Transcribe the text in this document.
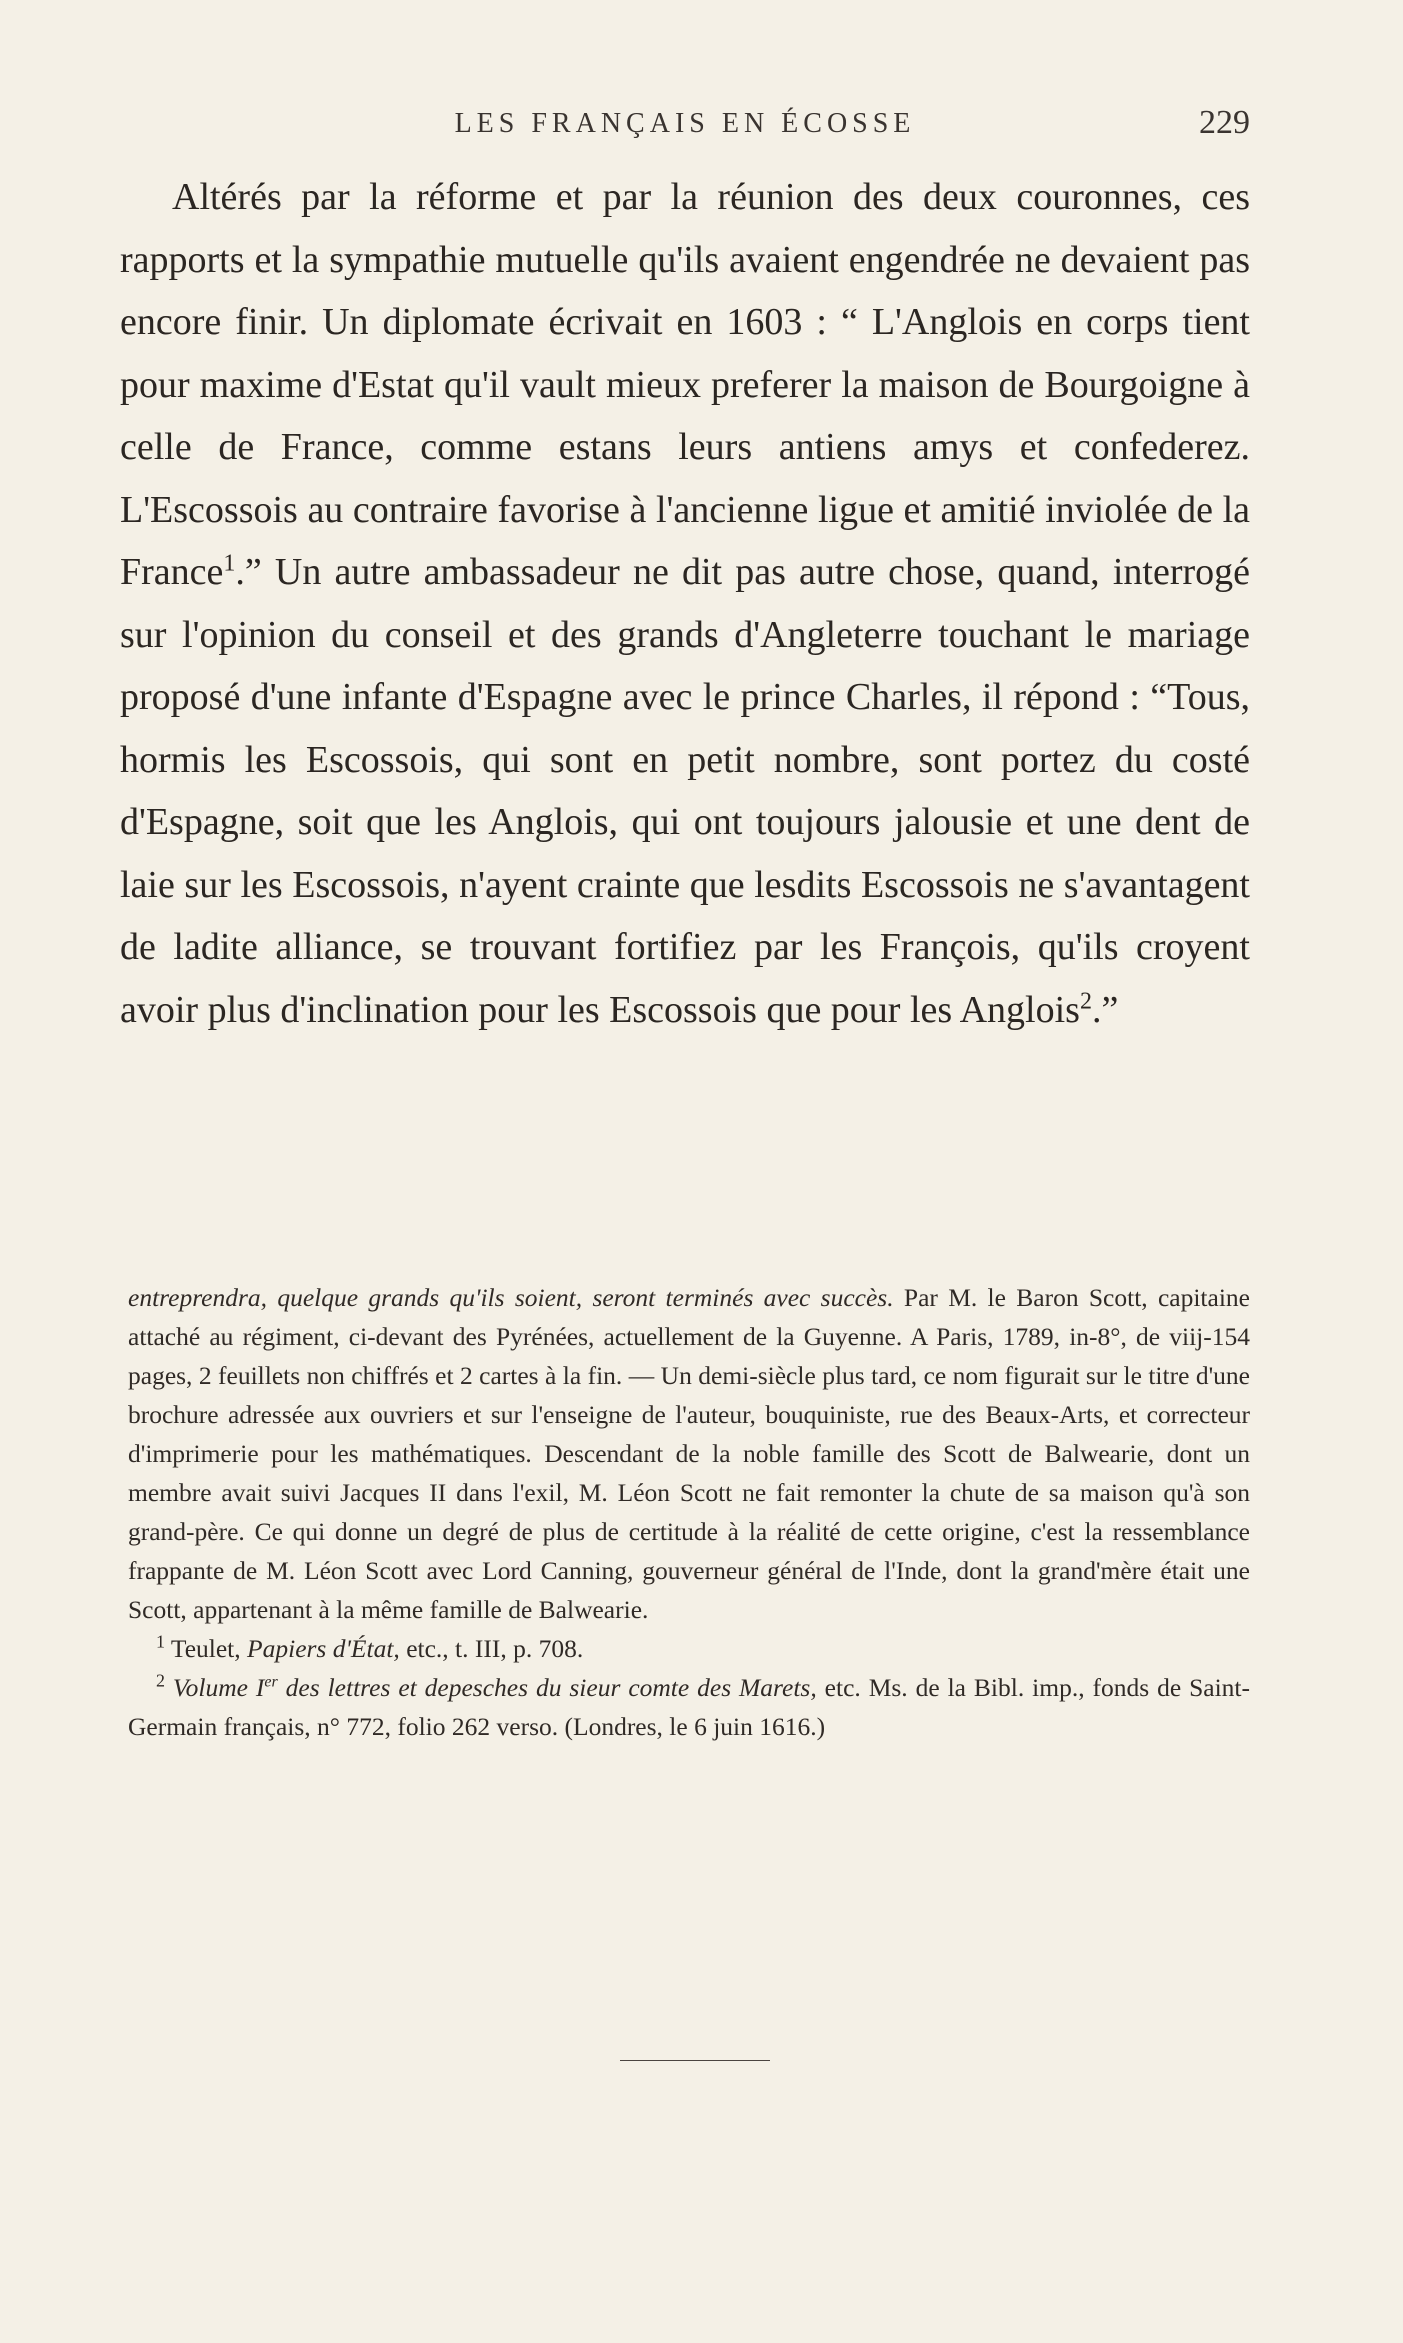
LES FRANÇAIS EN ÉCOSSE	229

Altérés par la réforme et par la réunion des deux couronnes, ces rapports et la sympathie mutuelle qu'ils avaient engendrée ne devaient pas encore finir. Un diplomate écrivait en 1603 : “ L'Anglois en corps tient pour maxime d'Estat qu'il vault mieux preferer la maison de Bourgoigne à celle de France, comme estans leurs antiens amys et confederez. L'Escossois au contraire favorise à l'ancienne ligue et amitié inviolée de la France$^1$.” Un autre ambassadeur ne dit pas autre chose, quand, interrogé sur l'opinion du conseil et des grands d'Angleterre touchant le mariage proposé d'une infante d'Espagne avec le prince Charles, il répond : “Tous, hormis les Escossois, qui sont en petit nombre, sont portez du costé d'Espagne, soit que les Anglois, qui ont toujours jalousie et une dent de laie sur les Escossois, n'ayent crainte que lesdits Escossois ne s'avantagent de ladite alliance, se trouvant fortifiez par les François, qu'ils croyent avoir plus d'inclination pour les Escossois que pour les Anglois$^2$.”

entreprendra, quelque grands qu'ils soient, seront terminés avec succès. Par M. le Baron Scott, capitaine attaché au régiment, ci-devant des Pyrénées, actuellement de la Guyenne. A Paris, 1789, in-8°, de viij-154 pages, 2 feuillets non chiffrés et 2 cartes à la fin. — Un demi-siècle plus tard, ce nom figurait sur le titre d'une brochure adressée aux ouvriers et sur l'enseigne de l'auteur, bouquiniste, rue des Beaux-Arts, et correcteur d'imprimerie pour les mathématiques. Descendant de la noble famille des Scott de Balwearie, dont un membre avait suivi Jacques II dans l'exil, M. Léon Scott ne fait remonter la chute de sa maison qu'à son grand-père. Ce qui donne un degré de plus de certitude à la réalité de cette origine, c'est la ressemblance frappante de M. Léon Scott avec Lord Canning, gouverneur général de l'Inde, dont la grand'mère était une Scott, appartenant à la même famille de Balwearie.

$^1$ Teulet, Papiers d'État, etc., t. III, p. 708.

$^2$ Volume Ier des lettres et depesches du sieur comte des Marets, etc. Ms. de la Bibl. imp., fonds de Saint-Germain français, n° 772, folio 262 verso. (Londres, le 6 juin 1616.)
